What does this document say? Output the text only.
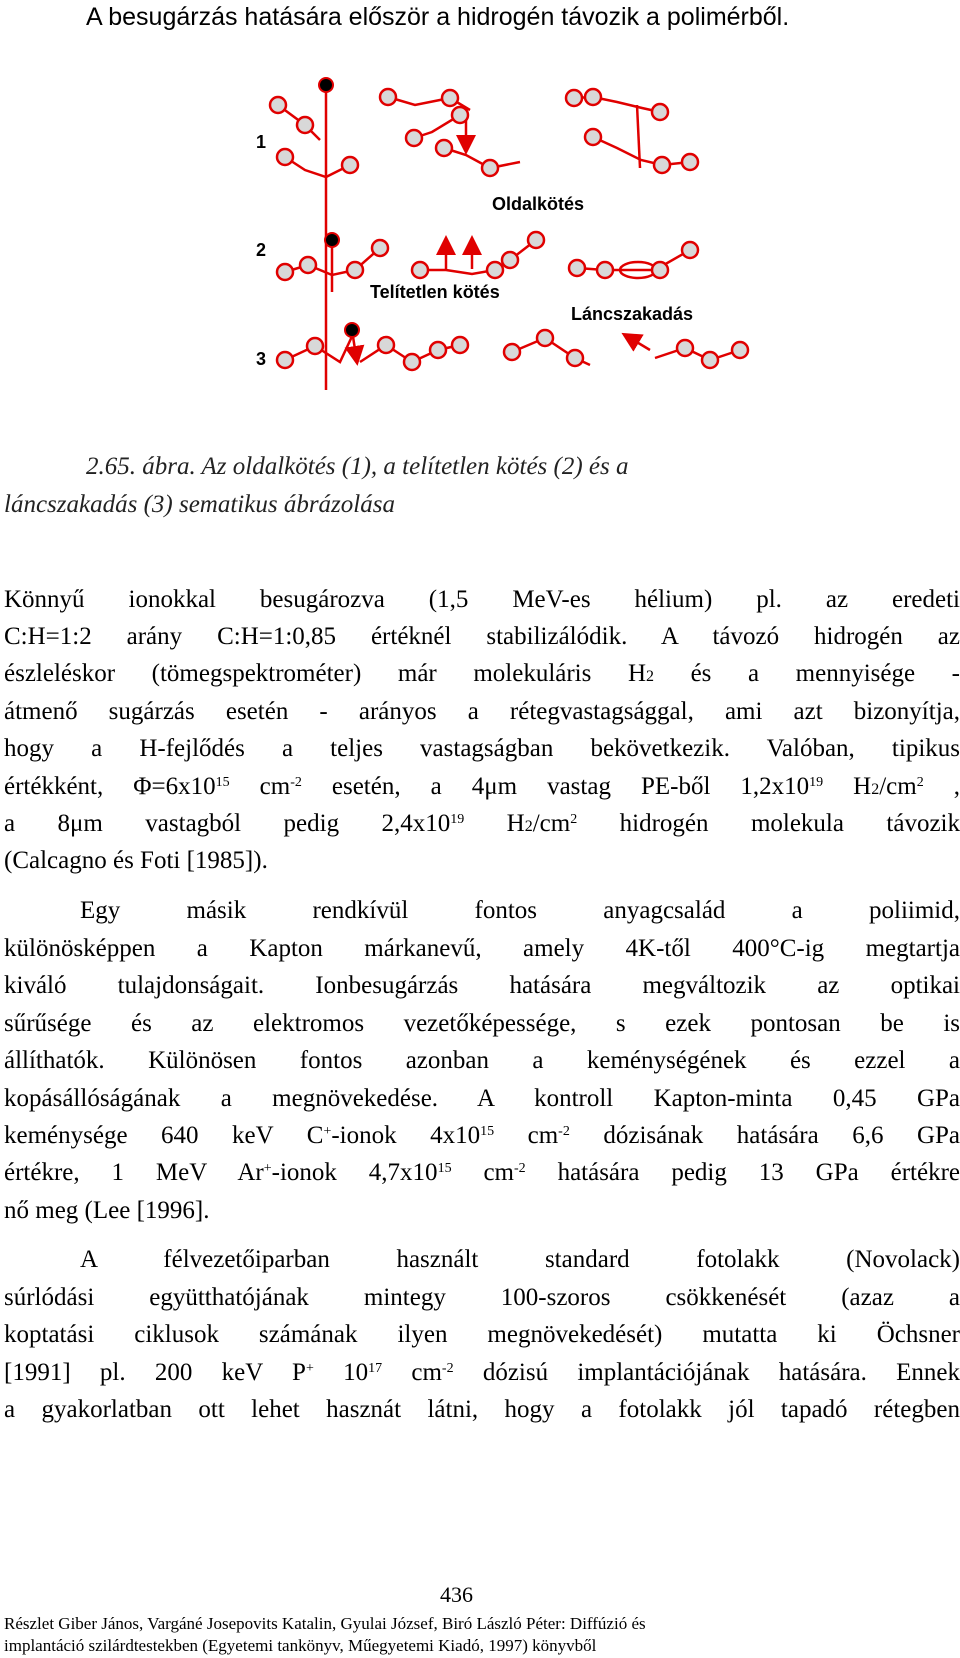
A besugárzás hatására először a hidrogén távozik a polimérből.
1
2
3
Oldalkötés
Telítetlen kötés
Láncszakadás
2.65. ábra. Az oldalkötés (1), a telítetlen kötés (2) és a
láncszakadás (3) sematikus ábrázolása
Könnyű ionokkal besugározva (1,5 MeV-es hélium) pl. az eredeti
C:H=1:2 arány C:H=1:0,85 értéknél stabilizálódik. A távozó hidrogén az
észleléskor (tömegspektrométer) már molekuláris $H_2$ és a mennyisége -
átmenő sugárzás esetén - arányos a rétegvastagsággal, ami azt bizonyítja,
hogy a H-fejlődés a teljes vastagságban bekövetkezik. Valóban, tipikus
értékként, $\Phi=6x10^{15}$ $cm^{-2}$ esetén, a 4μm vastag PE-ből $1,2x10^{19}$ $H_2/cm^2$ ,
a 8μm vastagból pedig $2,4x10^{19}$ $H_2/cm^2$ hidrogén molekula távozik
(Calcagno és Foti [1985]).
Egy másik rendkívül fontos anyagcsalád a poliimid,
különösképpen a Kapton márkanevű, amely 4K-től 400°C-ig megtartja
kiváló tulajdonságait. Ionbesugárzás hatására megváltozik az optikai
sűrűsége és az elektromos vezetőképessége, s ezek pontosan be is
állíthatók. Különösen fontos azonban a keménységének és ezzel a
kopásállóságának a megnövekedése. A kontroll Kapton-minta 0,45 GPa
keménysége 640 keV C+-ionok $4x10^{15}$ $cm^{-2}$ dózisának hatására 6,6 GPa
értékre, 1 MeV Ar+-ionok $4,7x10^{15}$ $cm^{-2}$ hatására pedig 13 GPa értékre
nő meg (Lee [1996].
A félvezetőiparban használt standard fotolakk (Novolack)
súrlódási együtthatójának mintegy 100-szoros csökkenését (azaz a
koptatási ciklusok számának ilyen megnövekedését) mutatta ki Öchsner
[1991] pl. 200 keV P+ $10^{17}$ $cm^{-2}$ dózisú implantációjának hatására. Ennek
a gyakorlatban ott lehet hasznát látni, hogy a fotolakk jól tapadó rétegben
436
Részlet Giber János, Vargáné Josepovits Katalin, Gyulai József, Biró László Péter: Diffúzió és
implantáció szilárdtestekben (Egyetemi tankönyv, Műegyetemi Kiadó, 1997) könyvből
